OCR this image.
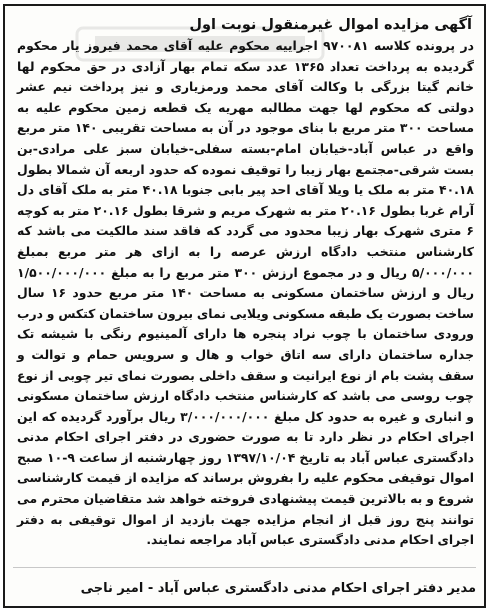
آگهی مزایده اموال غیرمنقول نوبت اول

در پرونده کلاسه ۹۷۰۰۸۱ اجراییه محکوم علیه آقای محمد فیروز یار محکوم گردیده به پرداخت تعداد ۱۳۶۵ عدد سکه تمام بهار آزادی در حق محکوم لها خانم گیتا بزرگی با وکالت آقای محمد ورمزیاری و نیز پرداخت نیم عشر دولتی که محکوم لها جهت مطالبه مهریه یک قطعه زمین محکوم علیه به مساحت ۳۰۰ متر مربع با بنای موجود در آن به مساحت تقریبی ۱۴۰ متر مربع واقع در عباس آباد-خیابان امام-بسته سفلی-خیابان سبز علی مرادی-بن بست شرقی-مجتمع بهار زیبا را توقیف نموده که حدود اربعه آن شمالا بطول ۴۰.۱۸ متر به ملک یا ویلا آقای احد پیر بابی جنوبا ۴۰.۱۸ متر به ملک آقای دل آرام غربا بطول ۲۰.۱۶ متر به شهرک مریم و شرقا بطول ۲۰.۱۶ متر به کوچه ۶ متری شهرک بهار زیبا محدود می گردد که فاقد سند مالکیت می باشد که کارشناس منتخب دادگاه ارزش عرصه را به ازای هر متر مربع بمبلغ ۵/۰۰۰/۰۰۰ ریال و در مجموع ارزش ۳۰۰ متر مربع را به مبلغ ۱/۵۰۰/۰۰۰/۰۰۰ ریال و ارزش ساختمان مسکونی به مساحت ۱۴۰ متر مربع حدود ۱۶ سال ساخت بصورت یک طبقه مسکونی ویلایی نمای بیرون ساختمان کتکس و درب ورودی ساختمان با چوب نراد پنجره ها دارای آلمینیوم رنگی با شیشه تک جداره ساختمان دارای سه اتاق خواب و هال و سرویس حمام و توالت و سقف پشت بام از نوع ایرانیت و سقف داخلی بصورت نمای تیر چوبی از نوع چوب روسی می باشد که کارشناس منتخب دادگاه ارزش ساختمان مسکونی و انباری و غیره به حدود کل مبلغ ۳/۰۰۰/۰۰۰/۰۰۰ ریال برآورد گردیده که این اجرای احکام در نظر دارد تا به صورت حضوری در دفتر اجرای احکام مدنی دادگستری عباس آباد به تاریخ ۱۳۹۷/۱۰/۰۴ روز چهارشنبه از ساعت ۹-۱۰ صبح اموال توقیفی محکوم علیه را بفروش برساند که مزایده از قیمت کارشناسی شروع و به بالاترین قیمت پیشنهادی فروخته خواهد شد متقاضیان محترم می توانند پنج روز قبل از انجام مزایده جهت بازدید از اموال توقیفی به دفتر اجرای احکام مدنی دادگستری عباس آباد مراجعه نمایند.

مدیر دفتر اجرای احکام مدنی دادگستری عباس آباد - امیر ناجی
